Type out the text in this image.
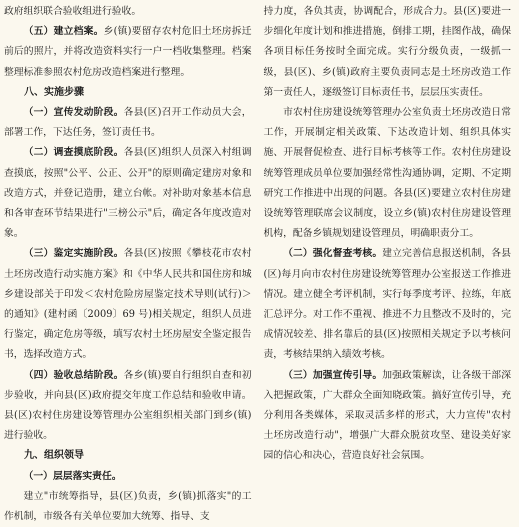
政府组织联合验收组进行验收。

（五）建立档案。乡(镇)要留存农村危旧土坯房拆迁前后的照片，并将改造资料实行一户一档收集整理。档案整理标准参照农村危房改造档案进行整理。

八、实施步骤

（一）宣传发动阶段。各县(区)召开工作动员大会，部署工作，下达任务，签订责任书。

（二）调查摸底阶段。各县(区)组织人员深入村组调查摸底，按照"公平、公正、公开"的原则确定建房对象和改造方式，并登记造册，建立台帐。对补助对象基本信息和各审查环节结果进行"三榜公示"后，确定各年度改造对象。

（三）鉴定实施阶段。各县(区)按照《攀枝花市农村土坯房改造行动实施方案》和《中华人民共和国住房和城乡建设部关于印发＜农村危险房屋鉴定技术导则(试行)＞的通知》(建村函〔2009〕69 号)相关规定，组织人员进行鉴定，确定危房等级，填写农村土坯房屋安全鉴定报告书，选择改造方式。

（四）验收总结阶段。各乡(镇)要自行组织自查和初步验收，并向县(区)政府提交年度工作总结和验收申请。县(区)农村住房建设筹管理办公室组织相关部门到乡(镇)进行验收。

九、组织领导

（一）层层落实责任。

建立"市统筹指导，县(区)负责，乡(镇)抓落实"的工作机制，市级各有关单位要加大统筹、指导、支

持力度，各负其责，协调配合，形成合力。县(区)要进一步细化年度计划和推进措施，倒排工期，挂图作战，确保各项目标任务按时全面完成。实行分级负责，一级抓一级，县(区)、乡(镇)政府主要负责同志是土坯房改造工作第一责任人，逐级签订目标责任书，层层压实责任。

市农村住房建设统筹管理办公室负责土坯房改造日常工作，开展制定相关政策、下达改造计划、组织具体实施、开展督促检查、进行目标考核等工作。农村住房建设统筹管理成员单位要加强经常性沟通协调，定期、不定期研究工作推进中出现的问题。各县(区)要建立农村住房建设统筹管理联席会议制度，设立乡(镇)农村住房建设管理机构，配备乡镇规划建设管理员，明确职责分工。

（二）强化督查考核。建立完善信息报送机制，各县(区)每月向市农村住房建设统筹管理办公室报送工作推进情况。建立健全考评机制，实行每季度考评、拉练，年底汇总评分。对工作不重视、推进不力且整改不及时的，完成情况较差、排名靠后的县(区)按照相关规定予以考核问责，考核结果纳入绩效考核。

（三）加强宣传引导。加强政策解读，让各级干部深入把握政策，广大群众全面知晓政策。搞好宣传引导，充分利用各类媒体，采取灵活多样的形式，大力宣传"农村土坯房改造行动"，增强广大群众脱贫攻坚、建设美好家园的信心和决心，营造良好社会氛围。
